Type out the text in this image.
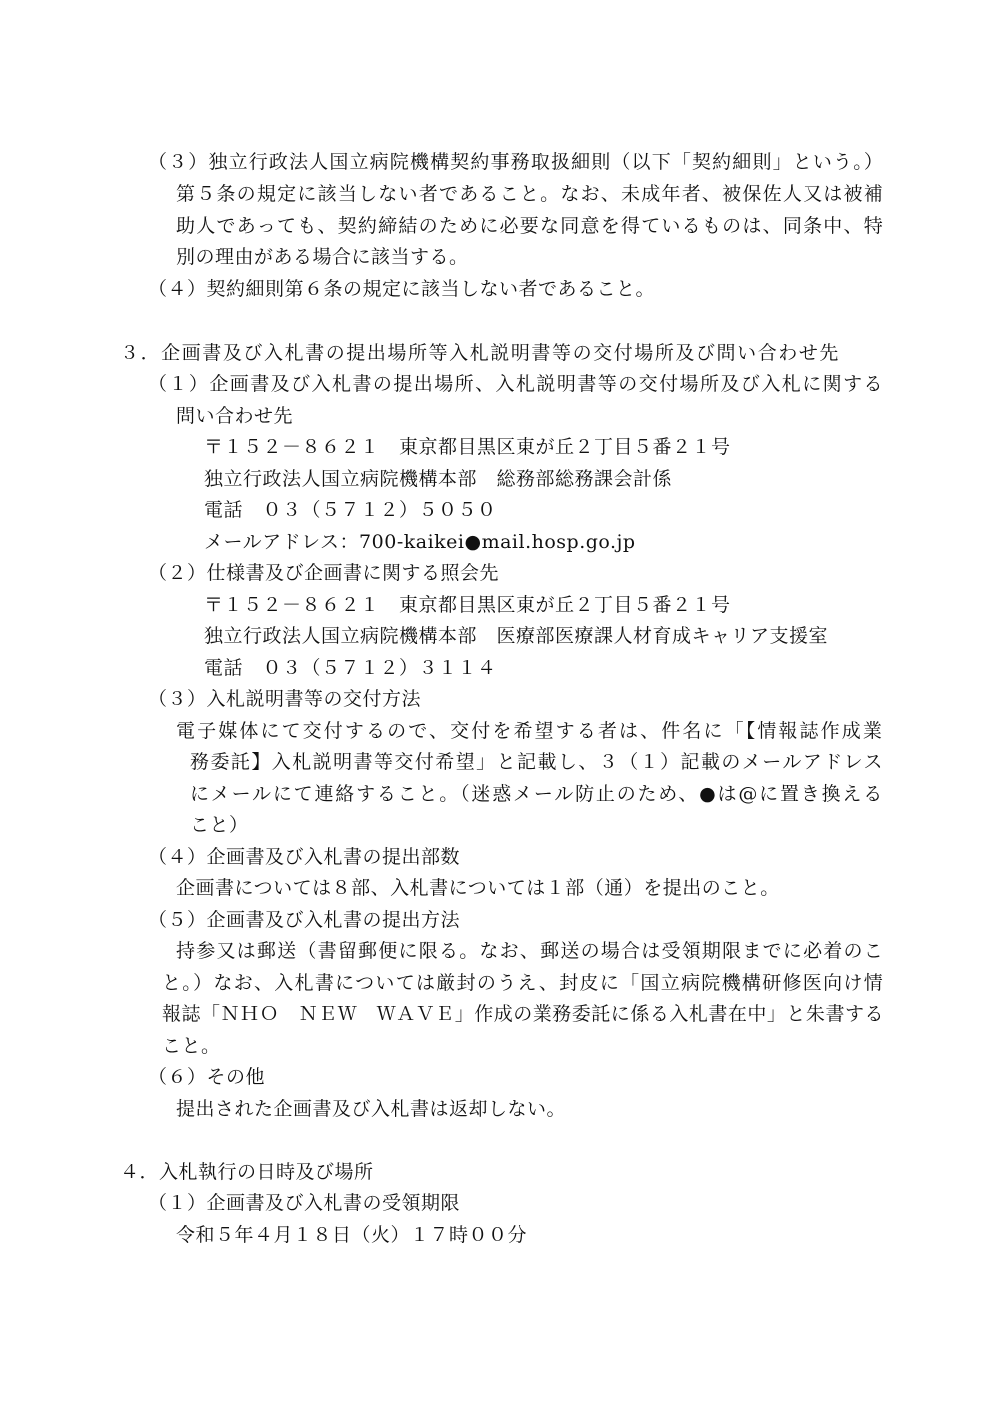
（３）独立行政法人国立病院機構契約事務取扱細則（以下「契約細則」という。）
第５条の規定に該当しない者であること。なお、未成年者、被保佐人又は被補
助人であっても、契約締結のために必要な同意を得ているものは、同条中、特
別の理由がある場合に該当する。
（４）契約細則第６条の規定に該当しない者であること。
３．企画書及び入札書の提出場所等入札説明書等の交付場所及び問い合わせ先
（１）企画書及び入札書の提出場所、入札説明書等の交付場所及び入札に関する
問い合わせ先
〒１５２－８６２１　東京都目黒区東が丘２丁目５番２１号
独立行政法人国立病院機構本部　総務部総務課会計係
電話　０３（５７１２）５０５０
メールアドレス：700-kaikei●mail.hosp.go.jp
（２）仕様書及び企画書に関する照会先
〒１５２－８６２１　東京都目黒区東が丘２丁目５番２１号
独立行政法人国立病院機構本部　医療部医療課人材育成キャリア支援室
電話　０３（５７１２）３１１４
（３）入札説明書等の交付方法
電子媒体にて交付するので、交付を希望する者は、件名に「【情報誌作成業
務委託】入札説明書等交付希望」と記載し、３（１）記載のメールアドレス
にメールにて連絡すること。（迷惑メール防止のため、●は@に置き換える
こと）
（４）企画書及び入札書の提出部数
企画書については８部、入札書については１部（通）を提出のこと。
（５）企画書及び入札書の提出方法
持参又は郵送（書留郵便に限る。なお、郵送の場合は受領期限までに必着のこ
と。）なお、入札書については厳封のうえ、封皮に「国立病院機構研修医向け情
報誌「ＮＨＯ　ＮＥＷ　ＷＡＶＥ」作成の業務委託に係る入札書在中」と朱書する
こと。
（６）その他
提出された企画書及び入札書は返却しない。
４．入札執行の日時及び場所
（１）企画書及び入札書の受領期限
令和５年４月１８日（火）１７時００分
